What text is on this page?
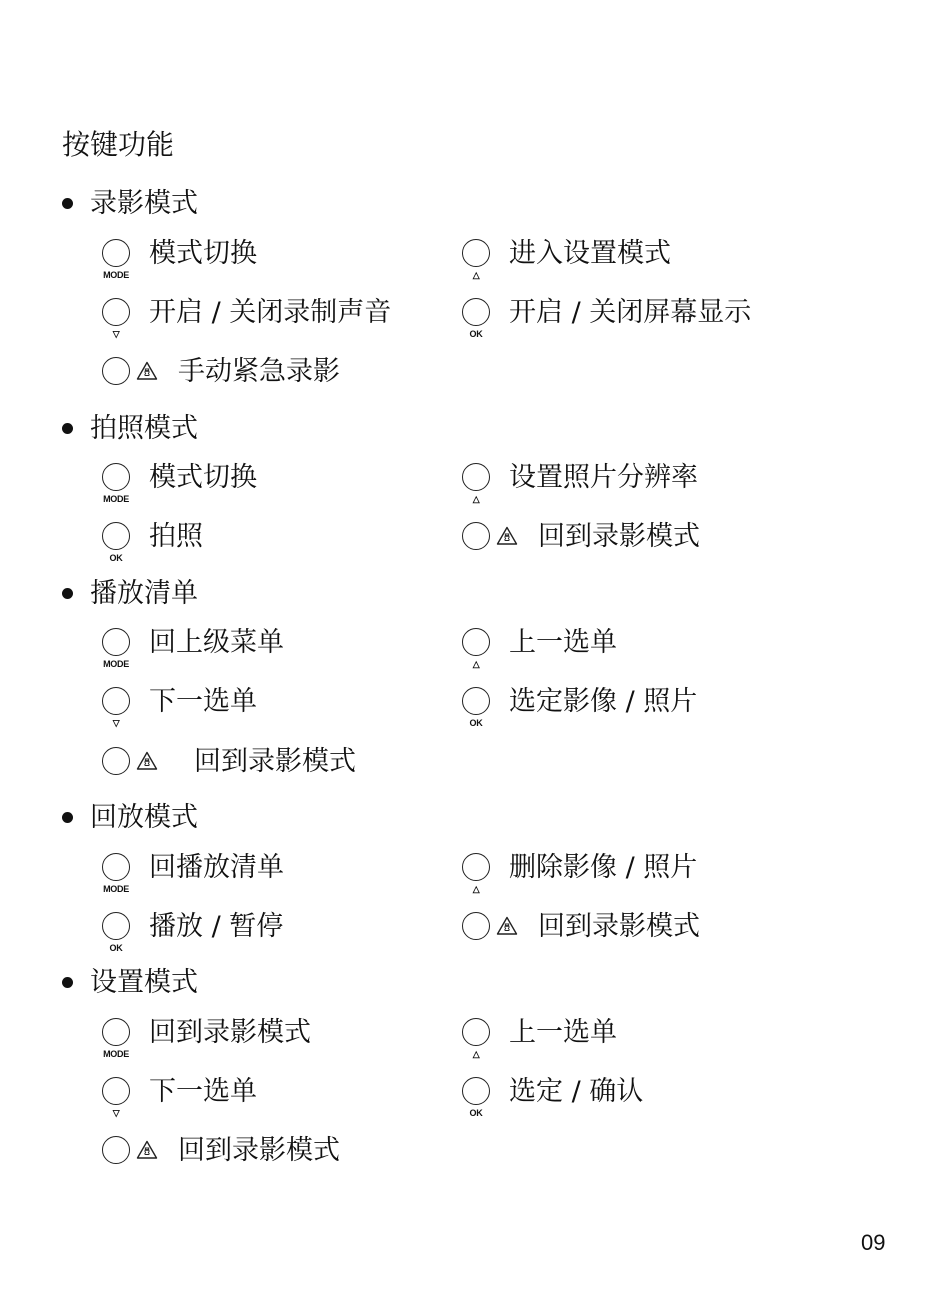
按键功能
录影模式
MODE
模式切换
△
进入设置模式
▽
开启 / 关闭录制声音
OK
开启 / 关闭屏幕显示
手动紧急录影
拍照模式
MODE
模式切换
△
设置照片分辨率
OK
拍照	回到录影模式
播放清单
MODE
回上级菜单
△
上一选单
▽
下一选单
OK
选定影像 / 照片
回到录影模式
回放模式
MODE
回播放清单
△
删除影像 / 照片
OK
播放 / 暂停	回到录影模式
设置模式
MODE
回到录影模式
△
上一选单
▽
下一选单
OK
选定 / 确认
回到录影模式
09
